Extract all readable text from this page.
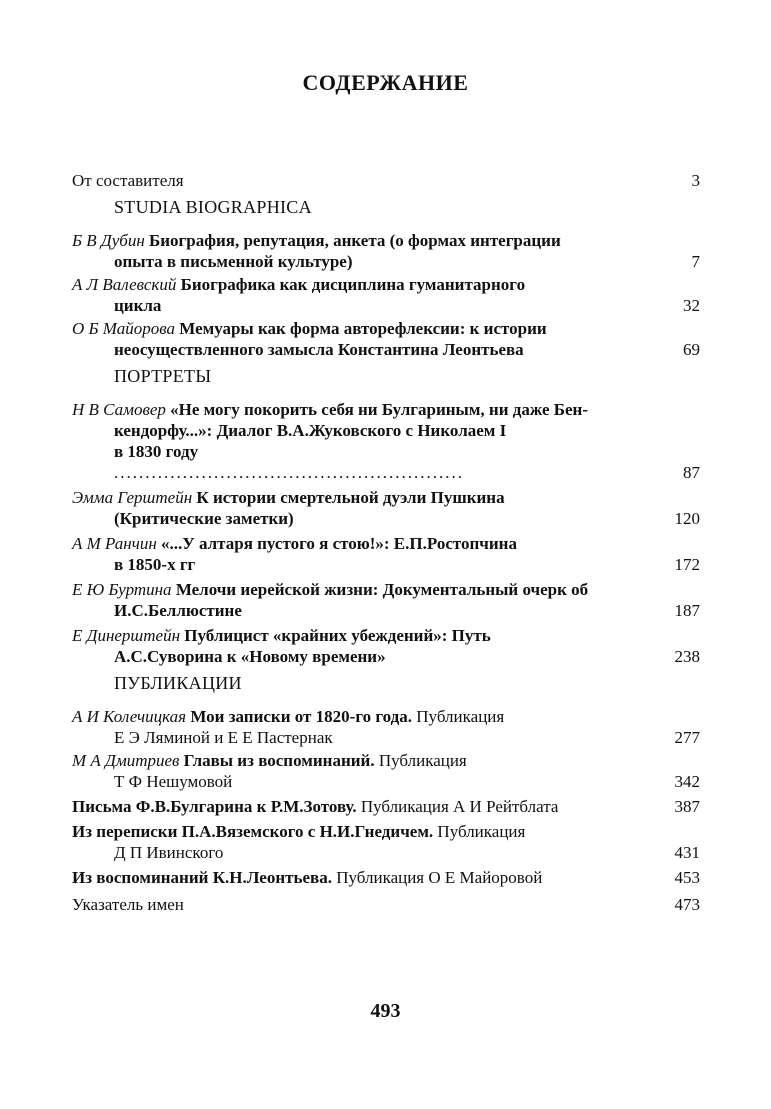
СОДЕРЖАНИЕ
От составителя	3
STUDIA BIOGRAPHICA
Б В Дубин Биография, репутация, анкета (о формах интеграции
опыта в письменной культуре)	7
А Л Валевский Биографика как дисциплина гуманитарного
цикла	32
О Б Майорова Мемуары как форма авторефлексии: к истории
неосуществленного замысла Константина Леонтьева	69
ПОРТРЕТЫ
Н В Самовер «Не могу покорить себя ни Булгариным, ни даже Бен-
кендорфу...»: Диалог В.А.Жуковского с Николаем I
в 1830 году........................................................	87
Эмма Герштейн К истории смертельной дуэли Пушкина
(Критические заметки)	120
А М Ранчин «...У алтаря пустого я стою!»: Е.П.Ростопчина
в 1850-х гг	172
Е Ю Буртина Мелочи иерейской жизни: Документальный очерк об
И.С.Беллюстине	187
Е Динерштейн Публицист «крайних убеждений»: Путь
А.С.Суворина к «Новому времени»	238
ПУБЛИКАЦИИ
А И Колечицкая Мои записки от 1820-го года. Публикация
Е Э Ляминой и Е Е Пастернак	277
М А Дмитриев Главы из воспоминаний. Публикация
Т Ф Нешумовой	342
Письма Ф.В.Булгарина к Р.М.Зотову. Публикация А И Рейтблата	387
Из переписки П.А.Вяземского с Н.И.Гнедичем. Публикация
Д П Ивинского	431
Из воспоминаний К.Н.Леонтьева. Публикация О Е Майоровой	453
Указатель имен	473
493
